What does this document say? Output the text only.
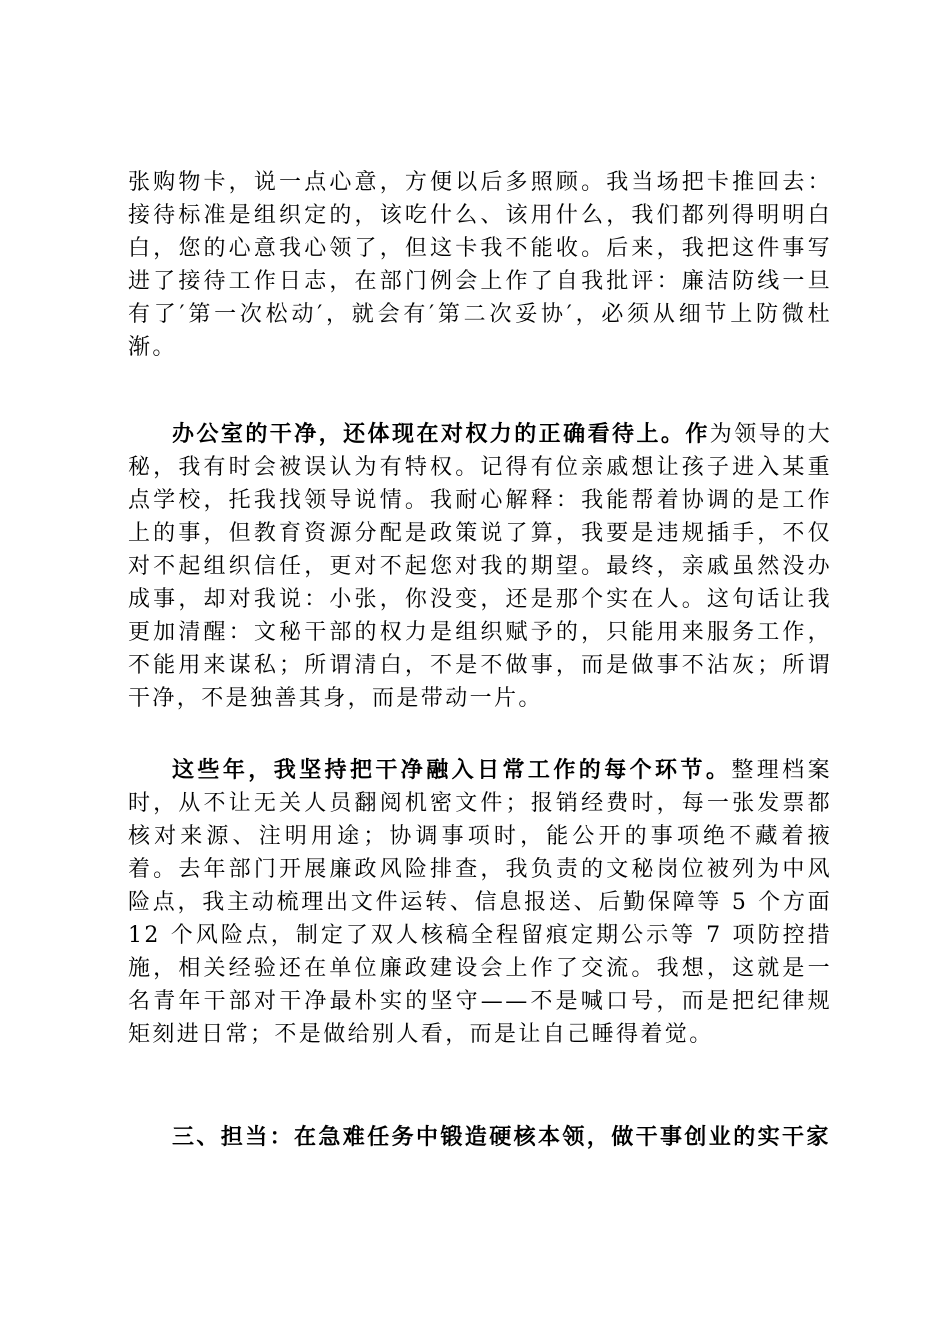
张购物卡，说一点心意，方便以后多照顾。我当场把卡推回去：接待标准是组织定的，该吃什么、该用什么，我们都列得明明白白，您的心意我心领了，但这卡我不能收。后来，我把这件事写进了接待工作日志，在部门例会上作了自我批评：廉洁防线一旦有了′第一次松动′，就会有′第二次妥协′，必须从细节上防微杜渐。

办公室的干净，还体现在对权力的正确看待上。作为领导的大秘，我有时会被误认为有特权。记得有位亲戚想让孩子进入某重点学校，托我找领导说情。我耐心解释：我能帮着协调的是工作上的事，但教育资源分配是政策说了算，我要是违规插手，不仅对不起组织信任，更对不起您对我的期望。最终，亲戚虽然没办成事，却对我说：小张，你没变，还是那个实在人。这句话让我更加清醒：文秘干部的权力是组织赋予的，只能用来服务工作，不能用来谋私；所谓清白，不是不做事，而是做事不沾灰；所谓干净，不是独善其身，而是带动一片。

这些年，我坚持把干净融入日常工作的每个环节。整理档案时，从不让无关人员翻阅机密文件；报销经费时，每一张发票都核对来源、注明用途；协调事项时，能公开的事项绝不藏着掖着。去年部门开展廉政风险排查，我负责的文秘岗位被列为中风险点，我主动梳理出文件运转、信息报送、后勤保障等 5 个方面 12 个风险点，制定了双人核稿全程留痕定期公示等 7 项防控措施，相关经验还在单位廉政建设会上作了交流。我想，这就是一名青年干部对干净最朴实的坚守——不是喊口号，而是把纪律规矩刻进日常；不是做给别人看，而是让自己睡得着觉。

三、担当：在急难任务中锻造硬核本领，做干事创业的实干家
